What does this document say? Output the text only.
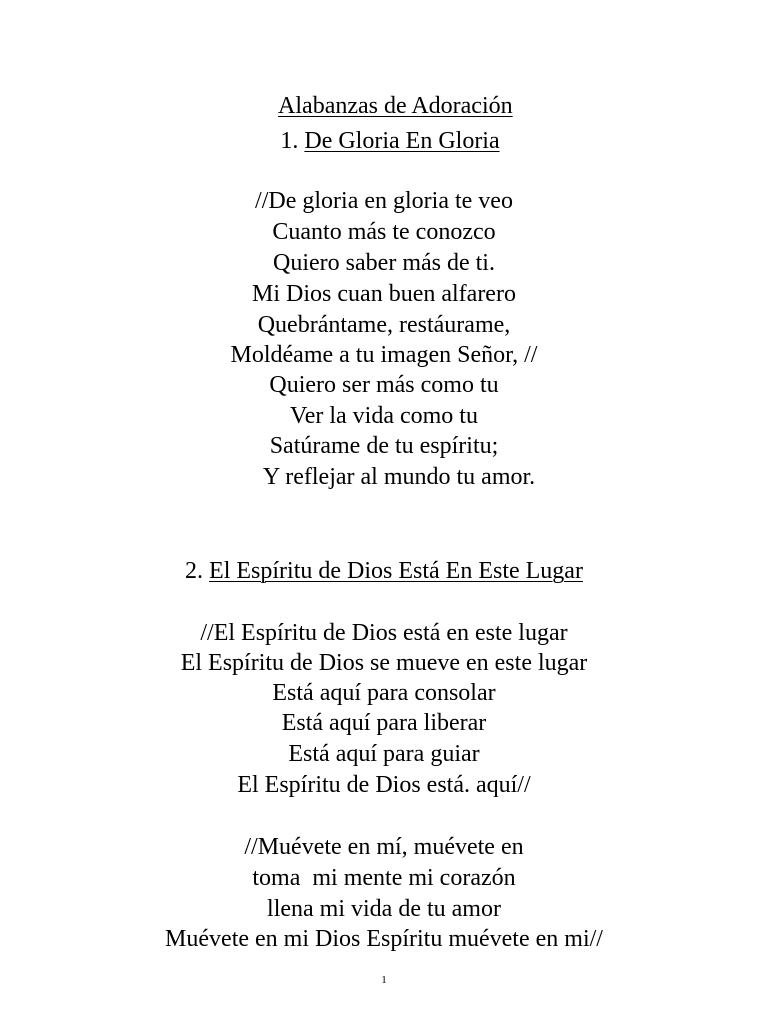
Alabanzas de Adoración

1. De Gloria En Gloria
//De gloria en gloria te veo
Cuanto más te conozco
Quiero saber más de ti.
Mi Dios cuan buen alfarero
Quebrántame, restáurame,
Moldéame a tu imagen Señor, //
Quiero ser más como tu
Ver la vida como tu
Satúrame de tu espíritu;
Y reflejar al mundo tu amor.
2. El Espíritu de Dios Está En Este Lugar
//El Espíritu de Dios está en este lugar
El Espíritu de Dios se mueve en este lugar
Está aquí para consolar
Está aquí para liberar
Está aquí para guiar
El Espíritu de Dios está. aquí//
//Muévete en mí, muévete en
toma  mi mente mi corazón
llena mi vida de tu amor
Muévete en mi Dios Espíritu muévete en mi//
1
